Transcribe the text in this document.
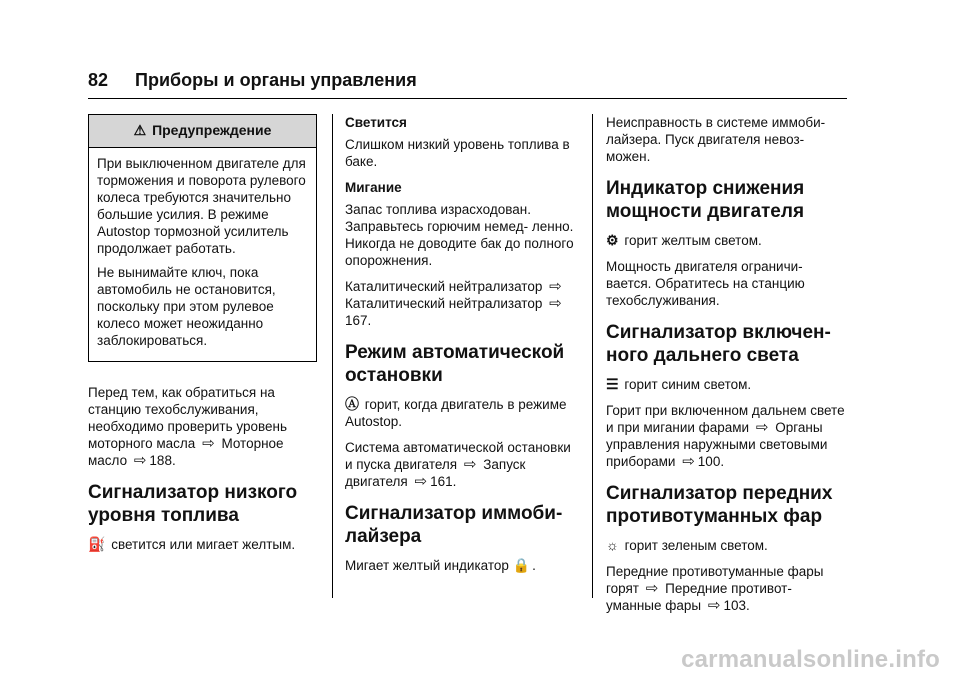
82 Приборы и органы управления
⚠ Предупреждение

При выключенном двигателе для торможения и поворота рулевого колеса требуются значительно большие усилия. В режиме Autostop тормозной усилитель продолжает работать.

Не вынимайте ключ, пока автомобиль не остановится, поскольку при этом рулевое колесо может неожиданно заблокироваться.

Перед тем, как обратиться на станцию техобслуживания, необходимо проверить уровень моторного масла ⇨ Моторное масло ⇨ 188.

Сигнализатор низкого уровня топлива

⛽ светится или мигает желтым.

Светится

Слишком низкий уровень топлива в баке.

Мигание

Запас топлива израсходован. Заправьтесь горючим немед- ленно. Никогда не доводите бак до полного опорожнения.

Каталитический нейтрализатор ⇨ Каталитический нейтрализатор ⇨167.

Режим автоматической остановки

Ⓐ горит, когда двигатель в режиме Autostop.

Система автоматической остановки и пуска двигателя ⇨ Запуск двигателя ⇨ 161.

Сигнализатор иммоби- лайзера

Мигает желтый индикатор 🔒 .

Неисправность в системе иммоби- лайзера. Пуск двигателя невоз- можен.

Индикатор снижения мощности двигателя

⚙ горит желтым светом.

Мощность двигателя ограничи- вается. Обратитесь на станцию техобслуживания.

Сигнализатор включен- ного дальнего света

☰ горит синим светом.

Горит при включенном дальнем свете и при мигании фарами ⇨ Органы управления наружными световыми приборами ⇨ 100.

Сигнализатор передних противотуманных фар

☼ горит зеленым светом.

Передние противотуманные фары горят ⇨ Передние противот- уманные фары ⇨ 103.

carmanualsonline.info
